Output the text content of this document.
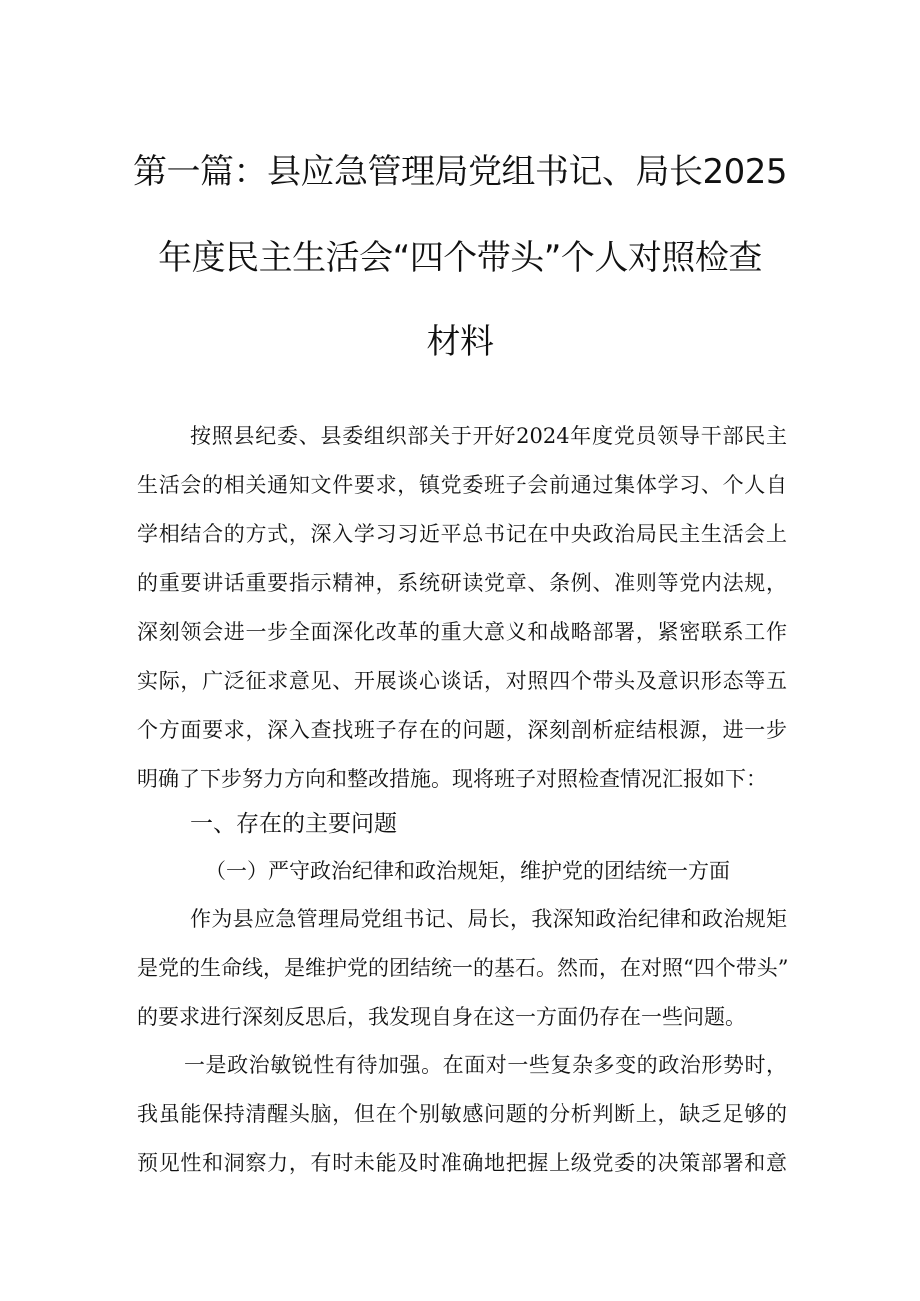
第一篇：县应急管理局党组书记、局长2025
年度民主生活会“四个带头”个人对照检查
材料
按照县纪委、县委组织部关于开好2024年度党员领导干部民主
生活会的相关通知文件要求，镇党委班子会前通过集体学习、个人自
学相结合的方式，深入学习习近平总书记在中央政治局民主生活会上
的重要讲话重要指示精神，系统研读党章、条例、准则等党内法规，
深刻领会进一步全面深化改革的重大意义和战略部署，紧密联系工作
实际，广泛征求意见、开展谈心谈话，对照四个带头及意识形态等五
个方面要求，深入查找班子存在的问题，深刻剖析症结根源，进一步
明确了下步努力方向和整改措施。现将班子对照检查情况汇报如下：
一、存在的主要问题
（一）严守政治纪律和政治规矩，维护党的团结统一方面
作为县应急管理局党组书记、局长，我深知政治纪律和政治规矩
是党的生命线，是维护党的团结统一的基石。然而，在对照“四个带头”
的要求进行深刻反思后，我发现自身在这一方面仍存在一些问题。
一是政治敏锐性有待加强。在面对一些复杂多变的政治形势时，
我虽能保持清醒头脑，但在个别敏感问题的分析判断上，缺乏足够的
预见性和洞察力，有时未能及时准确地把握上级党委的决策部署和意
